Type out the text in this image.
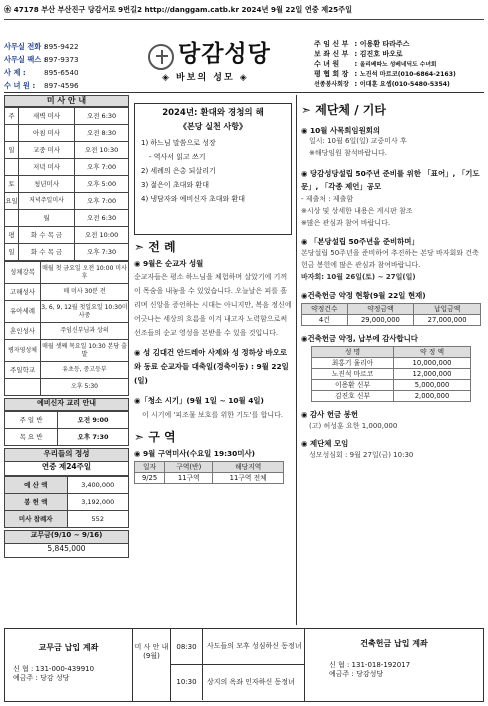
㊌ 47178 부산 부산진구 당감서로 9번길2 http://danggam.catb.kr 2024년 9월 22일 연중 제25주일
사무실 전화 :895-9422
사무실 팩스 :897-9373
사 제 :	895-6540
수 녀 원 : 897-4596
당감성당
◈ 바보의 성모 ◈
주 임 신 부 : 이용환 타라주스
보 좌 신 부 : 김진호 바오로
수 녀 원 : 올리베따노 성베네딕도 수녀회
평 협 회 장 : 노진석 마르코(010-6864-2163)
선종봉사회장 : 이대훈 요셉(010-5480-5354)
미 사 안 내
주	새벽 미사	오전 6:30
	아침 미사	오전 8:30
일	교중 미사	오전 10:30
	저녁 미사	오후 7:00
토	청년미사	오후 5:00
요일	저녁주일미사	오후 7:00
	월	오전 6:30
평	화 수 목 금	오전 10:00
일	화 수 목 금	오후 7:30
성체강복	매월 첫 금요일 오전 10:00 미사후
고해성사	매 미사 30분 전
유아세례	3, 6, 9, 12월 첫일요일 10:30미사중
혼인성사	주임신부님과 상의
병자영성체	매월 셋째 목요일 10:30 본당 출발
주일학교	유초등, 중고등부
	오후 5:30
예비신자 교리 안내
주 일 반	오전 9:00
목 요 반	오후 7:30
우리들의 정성
연중 제24주일
예 산 액	3,400,000
봉 헌 액	3,192,000
미사 참례자	552
교무금(9/10 ~ 9/16)
5,845,000
2024년: 환대와 경청의 해
《본당 실천 사항》
1) 하느님 말씀으로 성장
- 역사서 읽고 쓰기
2) 세례의 은총 되살리기
3) 젊은이 초대와 환대
4) 냉담자와 예비신자 초대와 환대
➣ 전 례
◉ 9월은 순교자 성월
순교자들은 평소 하느님을 체험하며 살았기에 기꺼이 목숨을 내놓을 수 있었습니다. 오늘날은 피를 흘리며 신앙을 증언하는 시대는 아니지만, 복음 정신에 어긋나는 세상의 흐름을 이겨 내고자 노력함으로써 선조들의 순교 영성을 본받을 수 있을 것입니다.
◉ 성 김대건 안드레아 사제와 성 정하상 바오로와 동료 순교자들 대축일(경축이동) : 9월 22일(일)
◉「청소 시기」(9월 1일 ~ 10월 4일)
이 시기에 '피조물 보호를 위한 기도'를 합니다.
➣ 구 역
◉ 9월 구역미사(수요일 19:30미사)
일자	구역(반)	해당지역
9/25	11구역	11구역 전체
➣ 제단체 / 기타
◉ 10월 사목회임원회의
일시: 10월 6일(일) 교중미사 후
※해당임원 참석바랍니다.
◉ 당감성당설립 50주년 준비를 위한 「표어」, 「기도문」, 「각종 제언」공모
- 제출처 : 제출함
※시상 및 상세한 내용은 게시판 참조
※많은 관심과 참여 바랍니다.
◉ 「본당설립 50주년을 준비하며」
본당설립 50주년을 준비하여 추진하는 본당 바자회와 건축헌금 봉헌에 많은 관심과 참여바랍니다.
바자회: 10월 26일(토) ~ 27일(일)
◉건축헌금 약정 현황(9월 22일 현재)
약정건수	약정금액	납입금액
4건	29,000,000	27,000,000
◉건축헌금 약정, 납부에 감사합니다
성 명	약 정 액
최홍기 율리아	10,000,000
노진석 마르코	12,000,000
이용환 신부	5,000,000
김진호 신부	2,000,000
◉ 감사 헌금 봉헌
(고) 허성훈 요한 1,000,000
◉ 제단체 모임
성모성심회 : 9월 27일(금) 10:30
교무금 납입 계좌
신 협 : 131-000-439910
예금주 : 당감 성당
미 사 안 내 (9월)
08:30	사도들의 모후 성심하신 동정녀
10:30	상지의 옥좌 인자하신 동정녀
건축헌금 납입 계좌
신 협 : 131-018-192017
예금주 : 당감성당
